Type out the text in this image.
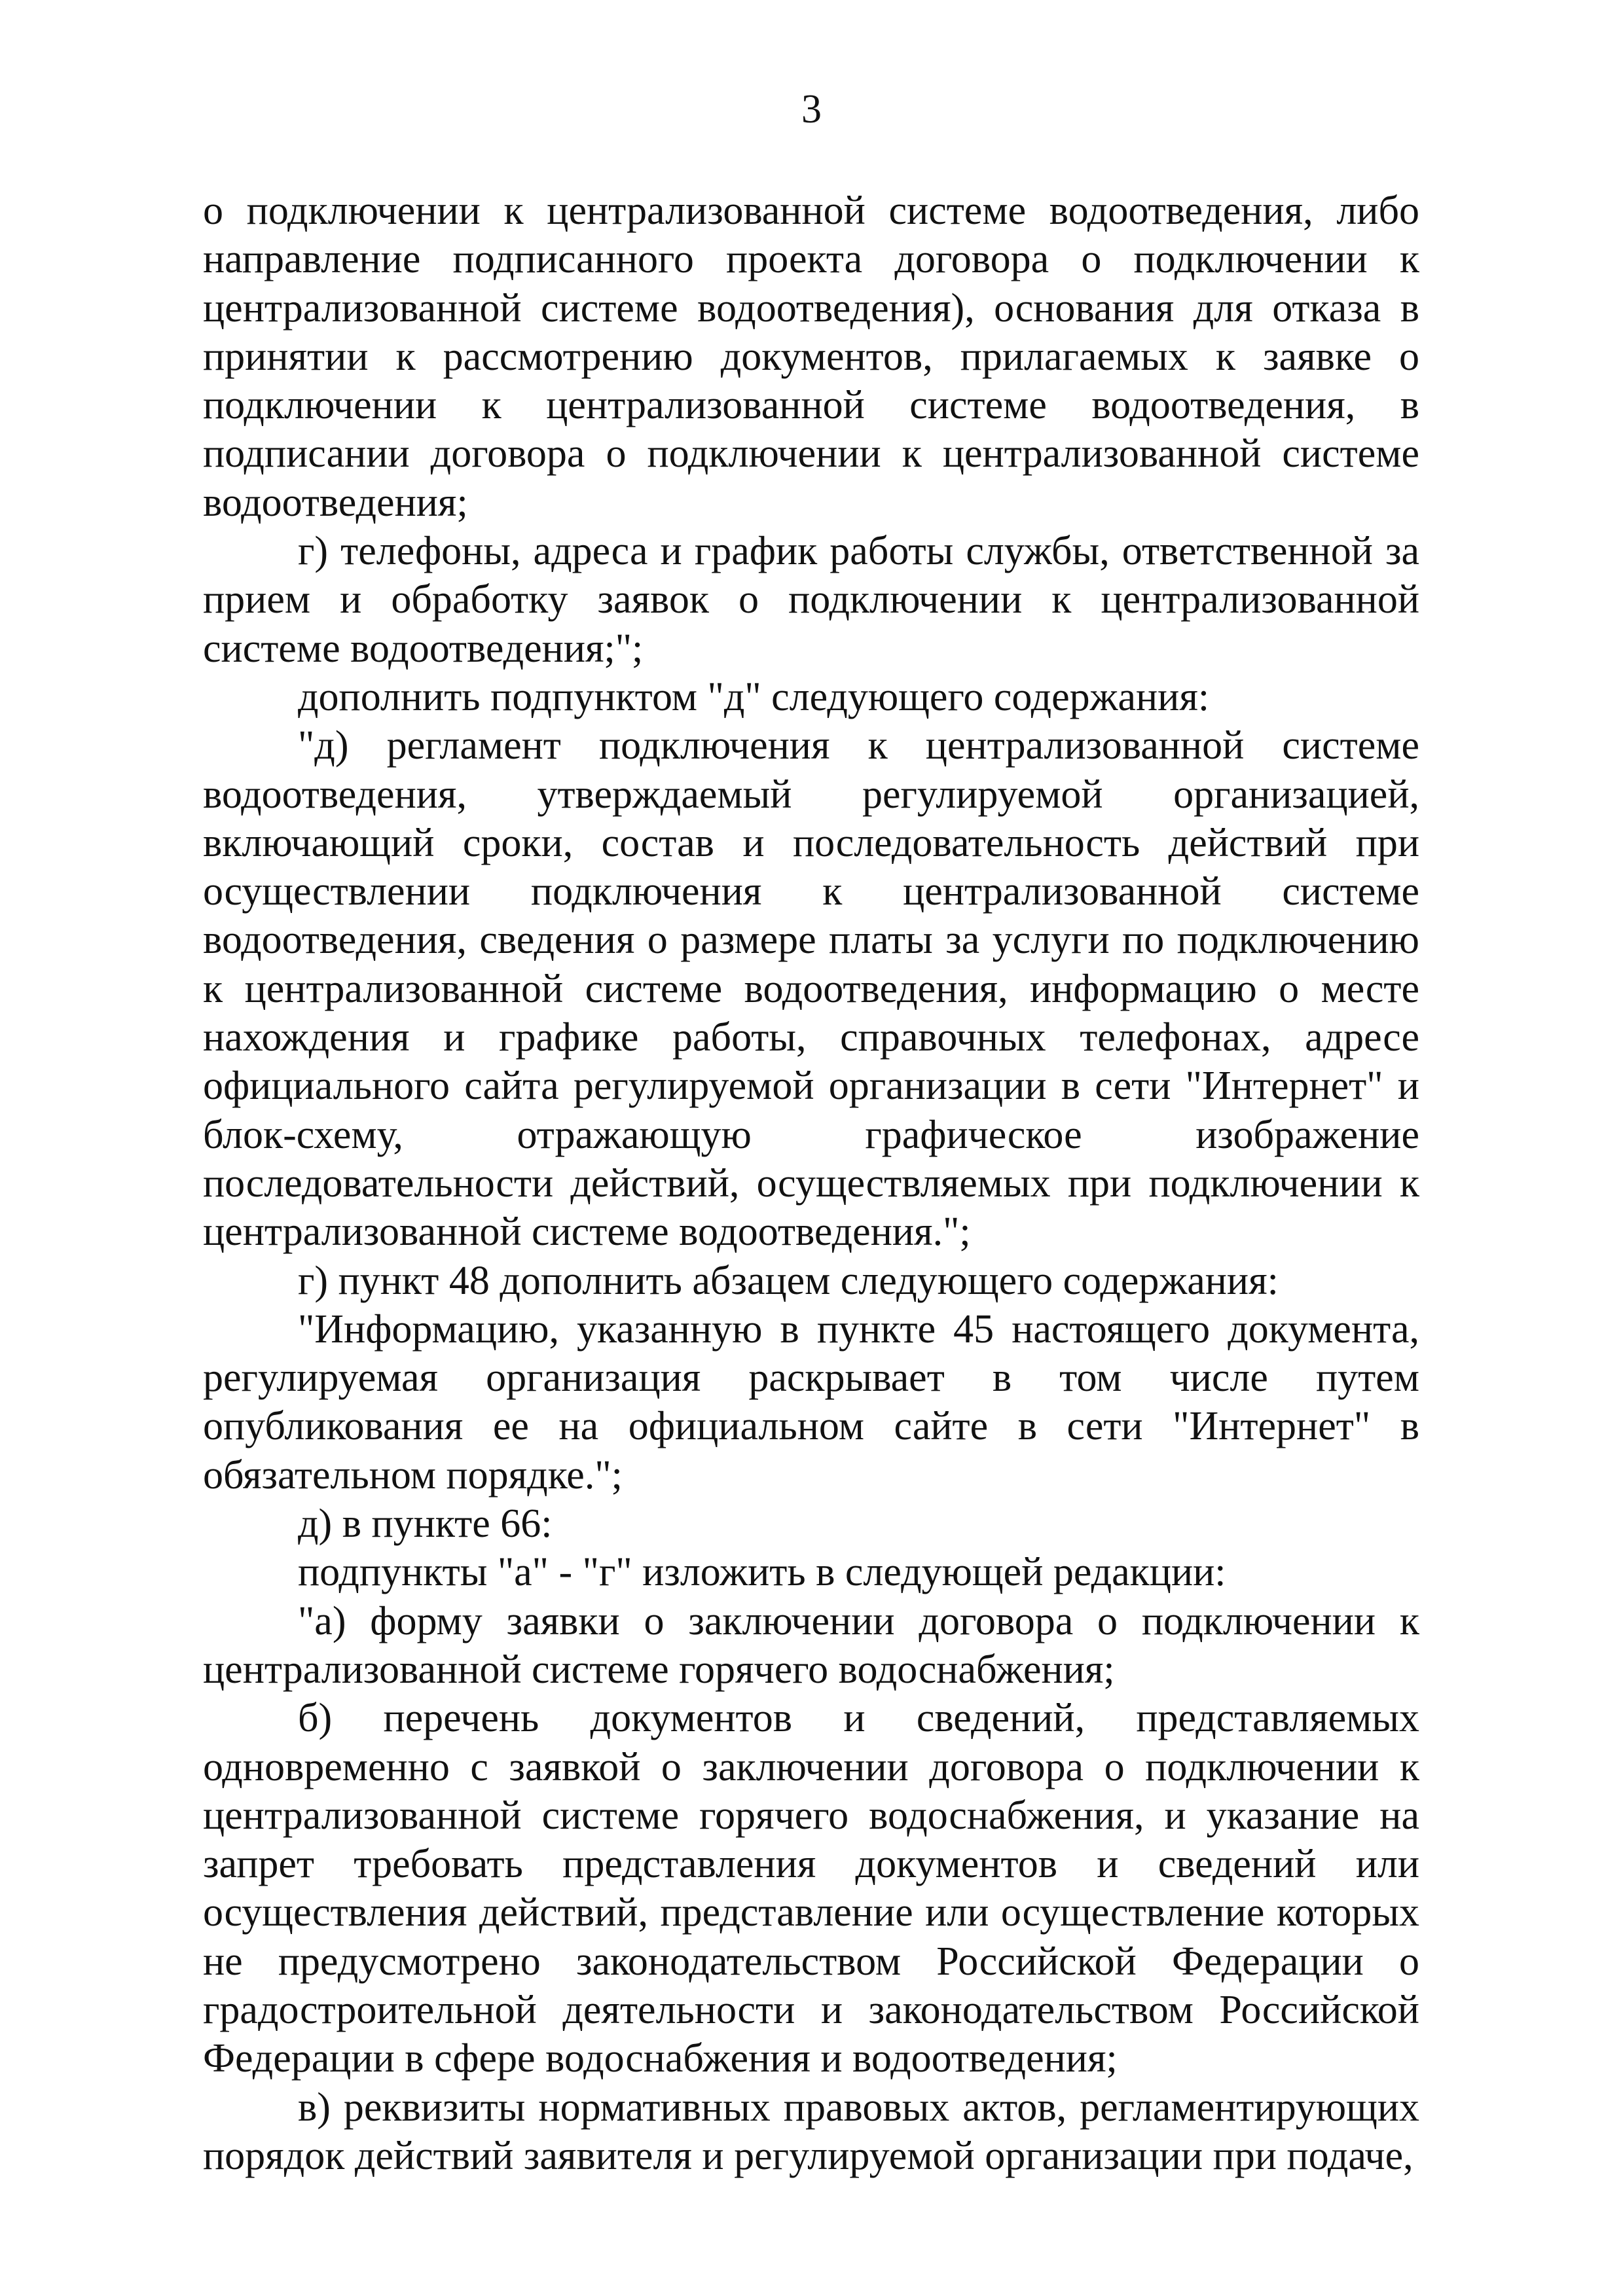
3

о подключении к централизованной системе водоотведения, либо направление подписанного проекта договора о подключении к централизованной системе водоотведения), основания для отказа в принятии к рассмотрению документов, прилагаемых к заявке о подключении к централизованной системе водоотведения, в подписании договора о подключении к централизованной системе водоотведения;

г) телефоны, адреса и график работы службы, ответственной за прием и обработку заявок о подключении к централизованной системе водоотведения;";

дополнить подпунктом "д" следующего содержания:

"д) регламент подключения к централизованной системе водоотведения, утверждаемый регулируемой организацией, включающий сроки, состав и последовательность действий при осуществлении подключения к централизованной системе водоотведения, сведения о размере платы за услуги по подключению к централизованной системе водоотведения, информацию о месте нахождения и графике работы, справочных телефонах, адресе официального сайта регулируемой организации в сети "Интернет" и блок-схему, отражающую графическое изображение последовательности действий, осуществляемых при подключении к централизованной системе водоотведения.";

г) пункт 48 дополнить абзацем следующего содержания:

"Информацию, указанную в пункте 45 настоящего документа, регулируемая организация раскрывает в том числе путем опубликования ее на официальном сайте в сети "Интернет" в обязательном порядке.";

д) в пункте 66:

подпункты "а" - "г" изложить в следующей редакции:

"а) форму заявки о заключении договора о подключении к централизованной системе горячего водоснабжения;

б) перечень документов и сведений, представляемых одновременно с заявкой о заключении договора о подключении к централизованной системе горячего водоснабжения, и указание на запрет требовать представления документов и сведений или осуществления действий, представление или осуществление которых не предусмотрено законодательством Российской Федерации о градостроительной деятельности и законодательством Российской Федерации в сфере водоснабжения и водоотведения;

в) реквизиты нормативных правовых актов, регламентирующих порядок действий заявителя и регулируемой организации при подаче,
